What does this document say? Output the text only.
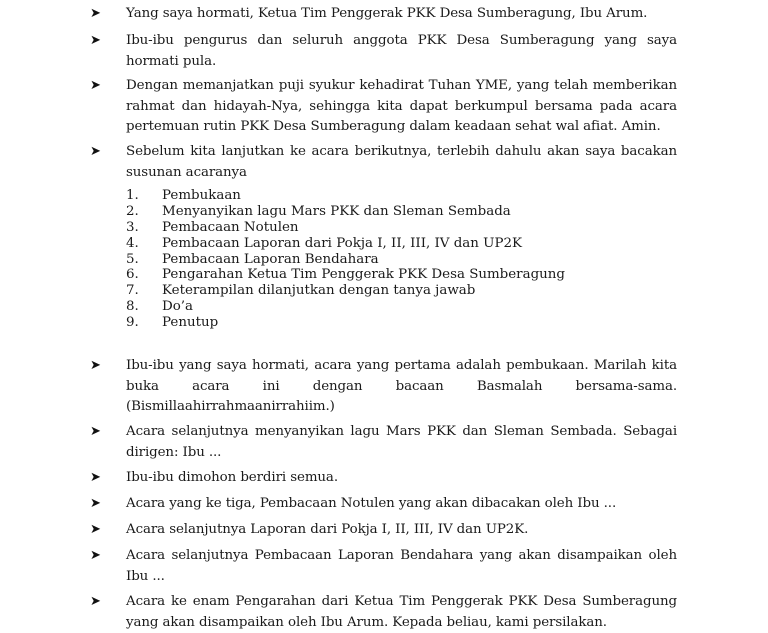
➤	Yang saya hormati, Ketua Tim Penggerak PKK Desa Sumberagung, Ibu Arum.
➤	Ibu-ibu pengurus dan seluruh anggota PKK Desa Sumberagung yang saya hormati pula.
➤	Dengan memanjatkan puji syukur kehadirat Tuhan YME, yang telah memberikan rahmat dan hidayah-Nya, sehingga kita dapat berkumpul bersama pada acara pertemuan rutin PKK Desa Sumberagung dalam keadaan sehat wal afiat. Amin.
➤	Sebelum kita lanjutkan ke acara berikutnya, terlebih dahulu akan saya bacakan susunan acaranya
1.	Pembukaan
2.	Menyanyikan lagu Mars PKK dan Sleman Sembada
3.	Pembacaan Notulen
4.	Pembacaan Laporan dari Pokja I, II, III, IV dan UP2K
5.	Pembacaan Laporan Bendahara
6.	Pengarahan Ketua Tim Penggerak PKK Desa Sumberagung
7.	Keterampilan dilanjutkan dengan tanya jawab
8.	Do’a
9.	Penutup
➤	Ibu-ibu yang saya hormati, acara yang pertama adalah pembukaan. Marilah kita buka acara ini dengan bacaan Basmalah bersama-sama. (Bismillaahirrahmaanirrahiim.)
➤	Acara selanjutnya menyanyikan lagu Mars PKK dan Sleman Sembada. Sebagai dirigen: Ibu ...
➤	Ibu-ibu dimohon berdiri semua.
➤	Acara yang ke tiga, Pembacaan Notulen yang akan dibacakan oleh Ibu ...
➤	Acara selanjutnya Laporan dari Pokja I, II, III, IV dan UP2K.
➤	Acara selanjutnya Pembacaan Laporan Bendahara yang akan disampaikan oleh Ibu ...
➤	Acara ke enam Pengarahan dari Ketua Tim Penggerak PKK Desa Sumberagung yang akan disampaikan oleh Ibu Arum. Kepada beliau, kami persilakan.
